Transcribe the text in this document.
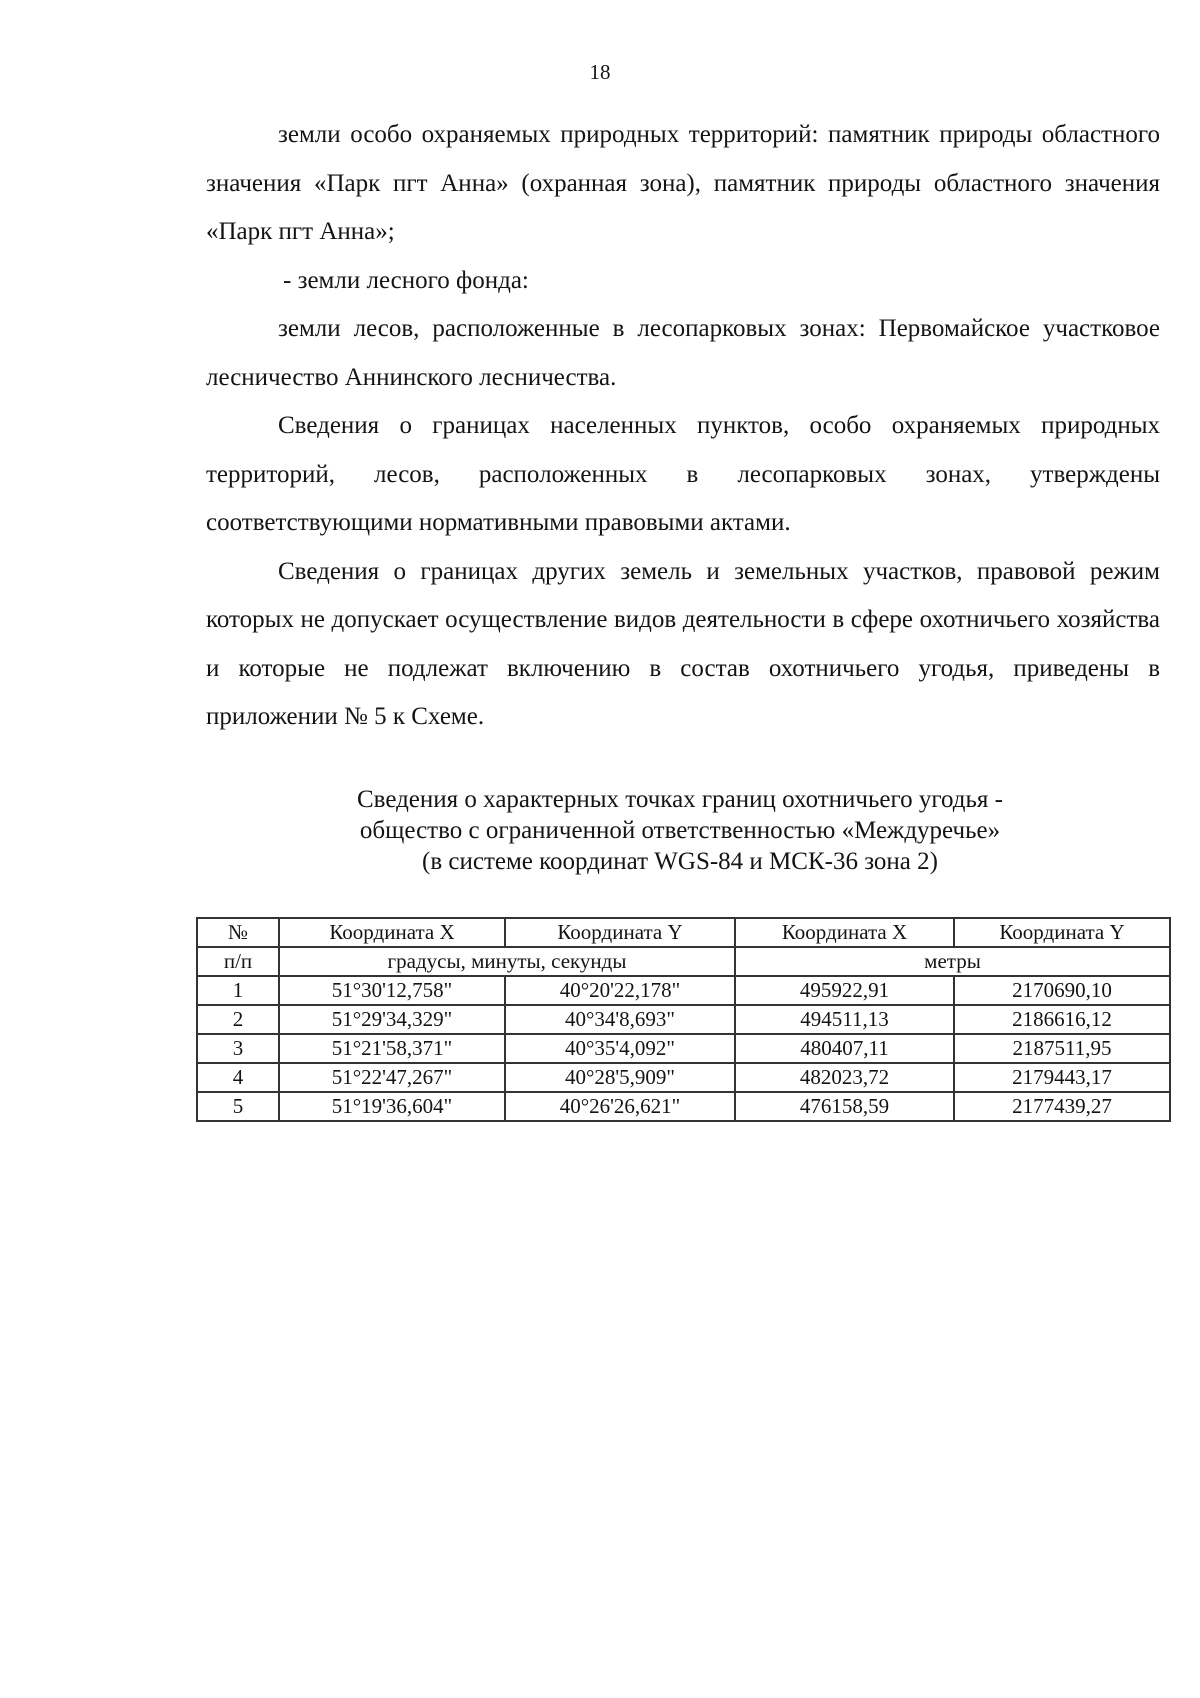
18

земли особо охраняемых природных территорий: памятник природы областного значения «Парк пгт Анна» (охранная зона), памятник природы областного значения «Парк пгт Анна»;

- земли лесного фонда:

земли лесов, расположенные в лесопарковых зонах: Первомайское участковое лесничество Аннинского лесничества.

Сведения о границах населенных пунктов, особо охраняемых природных территорий, лесов, расположенных в лесопарковых зонах, утверждены соответствующими нормативными правовыми актами.

Сведения о границах других земель и земельных участков, правовой режим которых не допускает осуществление видов деятельности в сфере охотничьего хозяйства и которые не подлежат включению в состав охотничьего угодья, приведены в приложении № 5 к Схеме.

Сведения о характерных точках границ охотничьего угодья -
общество с ограниченной ответственностью «Междуречье»
(в системе координат WGS-84 и МСК-36 зона 2)
№	Координата X	Координата Y	Координата X	Координата Y
п/п	градусы, минуты, секунды		метры	
1	51°30'12,758"	40°20'22,178"	495922,91	2170690,10
2	51°29'34,329"	40°34'8,693"	494511,13	2186616,12
3	51°21'58,371"	40°35'4,092"	480407,11	2187511,95
4	51°22'47,267"	40°28'5,909"	482023,72	2179443,17
5	51°19'36,604"	40°26'26,621"	476158,59	2177439,27
